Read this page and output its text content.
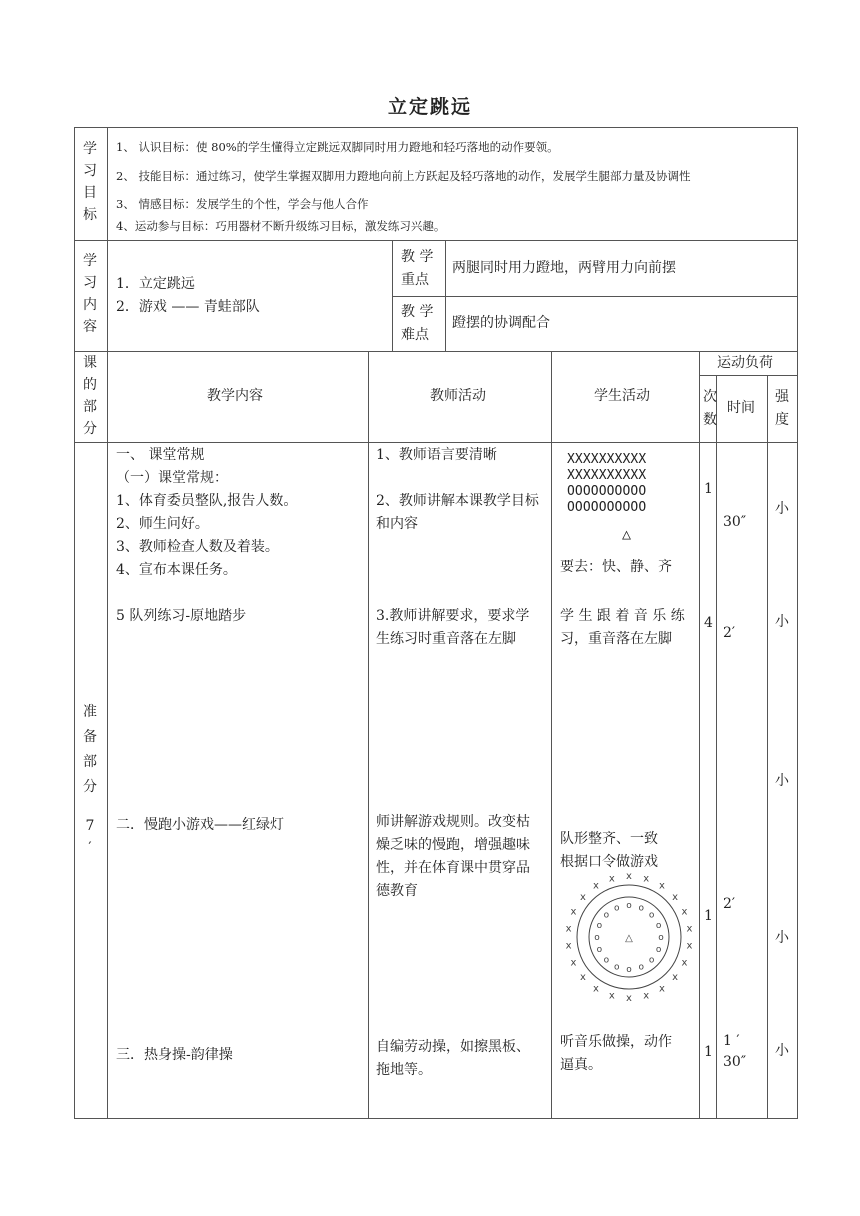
立定跳远
学
习
目
标
1、 认识目标：使 80%的学生懂得立定跳远双脚同时用力蹬地和轻巧落地的动作要领。
2、 技能目标：通过练习，使学生掌握双脚用力蹬地向前上方跃起及轻巧落地的动作，发展学生腿部力量及协调性
3、 情感目标：发展学生的个性，学会与他人合作
4、运动参与目标：巧用器材不断升级练习目标，激发练习兴趣。
学
习
内
容
1．立定跳远
2．游戏 —— 青蛙部队
教 学
重点
两腿同时用力蹬地，两臂用力向前摆
教 学
难点
蹬摆的协调配合
课
的
部
分
教学内容	教师活动	学生活动
运动负荷
次
数
时间
强
度
准
备
部
分
7
′
一、 课堂常规
（一）课堂常规：
1、体育委员整队,报告人数。
2、师生问好。
3、教师检查人数及着装。
4、宣布本课任务。
5 队列练习-原地踏步
二．慢跑小游戏——红绿灯
三．热身操-韵律操
1、教师语言要清晰
2、教师讲解本课教学目标
和内容
3.教师讲解要求，要求学
生练习时重音落在左脚
师讲解游戏规则。改变枯
燥乏味的慢跑，增强趣味
性，并在体育课中贯穿品
德教育
自编劳动操，如擦黑板、
拖地等。
XXXXXXXXXX
XXXXXXXXXX
OOOOOOOOOO
OOOOOOOOOO
△
要去：快、静、齐
学 生 跟 着 音 乐 练
习，重音落在左脚
队形整齐、一致
根据口令做游戏
x x
x
x
x
x
x
x
x
x
x
x
x
x
x
x
x
x
x
x
x
x
o o
o
o
o
o
o
o
o
o
o
o
o
o
o
o
△
听音乐做操，动作
逼真。
1
4
1
1
30″
2′
2′
1 ′
30″
小
小
小
小
小
